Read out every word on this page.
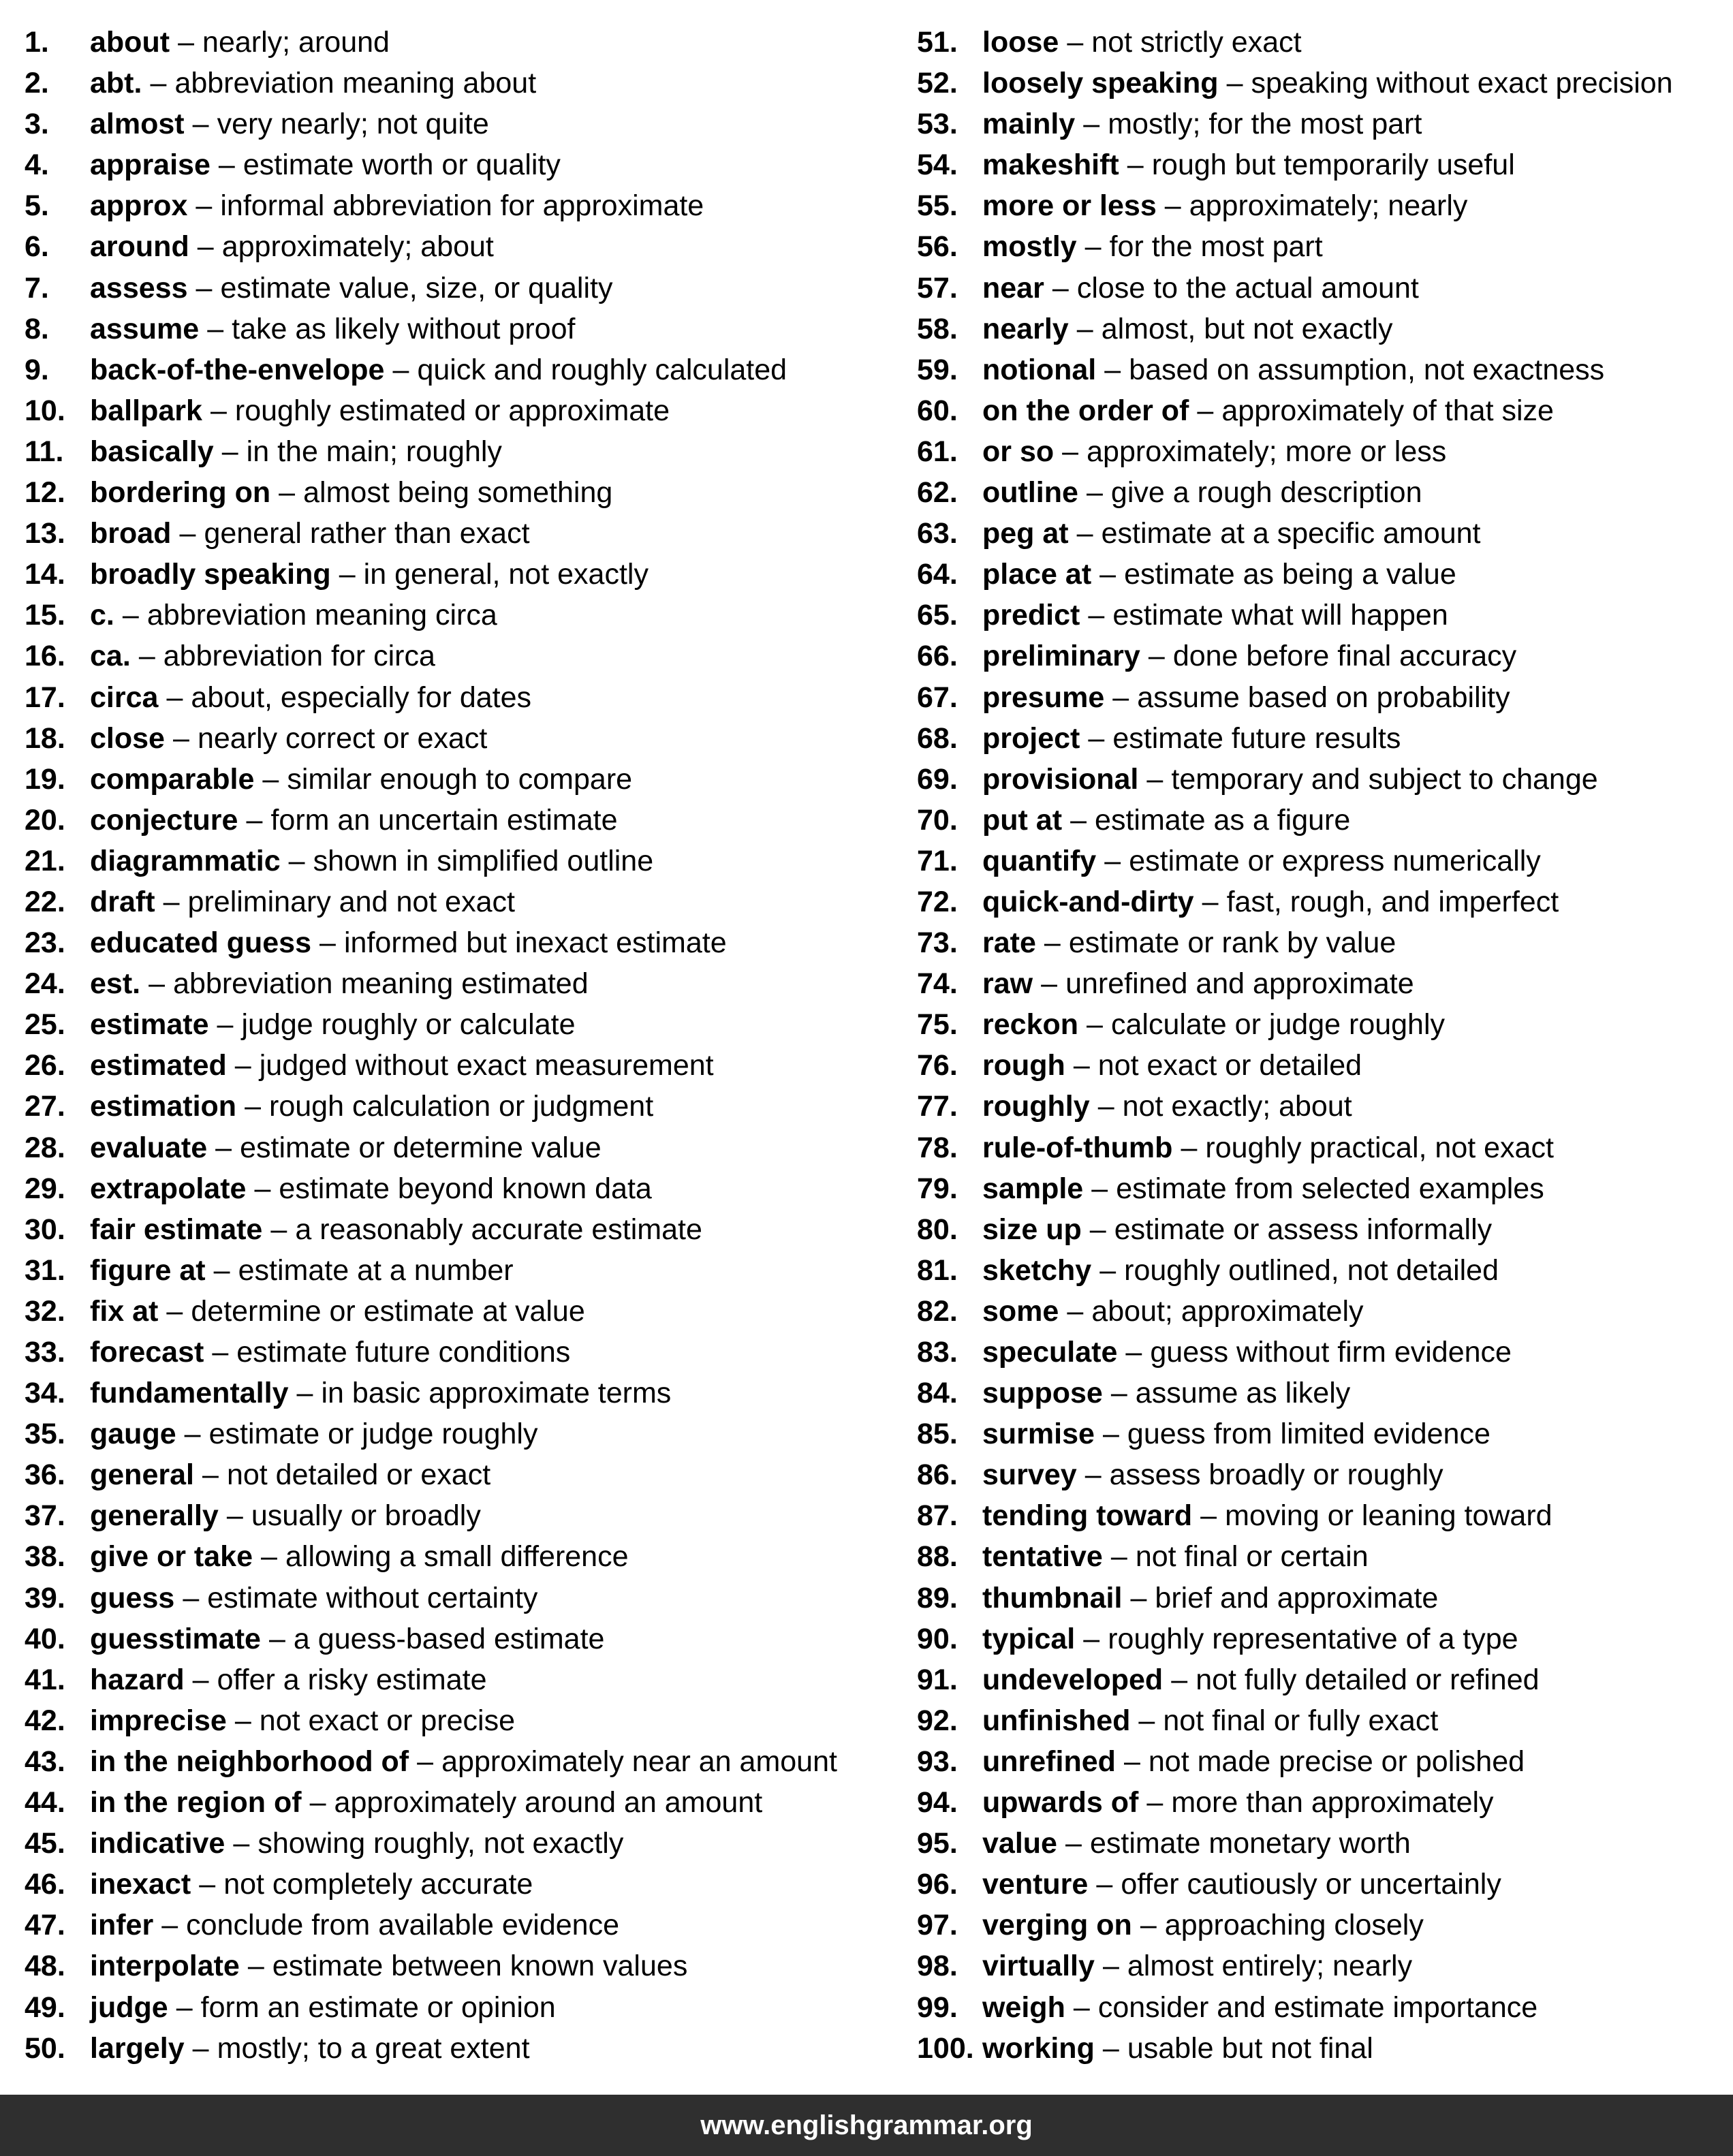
1.	about – nearly; around
2.	abt. – abbreviation meaning about
3.	almost – very nearly; not quite
4.	appraise – estimate worth or quality
5.	approx – informal abbreviation for approximate
6.	around – approximately; about
7.	assess – estimate value, size, or quality
8.	assume – take as likely without proof
9.	back-of-the-envelope – quick and roughly calculated
10. ballpark – roughly estimated or approximate
11. basically – in the main; roughly
12. bordering on – almost being something
13. broad – general rather than exact
14. broadly speaking – in general, not exactly
15. c. – abbreviation meaning circa
16. ca. – abbreviation for circa
17. circa – about, especially for dates
18. close – nearly correct or exact
19. comparable – similar enough to compare
20. conjecture – form an uncertain estimate
21. diagrammatic – shown in simplified outline
22. draft – preliminary and not exact
23. educated guess – informed but inexact estimate
24. est. – abbreviation meaning estimated
25. estimate – judge roughly or calculate
26. estimated – judged without exact measurement
27. estimation – rough calculation or judgment
28. evaluate – estimate or determine value
29. extrapolate – estimate beyond known data
30. fair estimate – a reasonably accurate estimate
31. figure at – estimate at a number
32. fix at – determine or estimate at value
33. forecast – estimate future conditions
34. fundamentally – in basic approximate terms
35. gauge – estimate or judge roughly
36. general – not detailed or exact
37. generally – usually or broadly
38. give or take – allowing a small difference
39. guess – estimate without certainty
40. guesstimate – a guess-based estimate
41. hazard – offer a risky estimate
42. imprecise – not exact or precise
43. in the neighborhood of – approximately near an amount
44. in the region of – approximately around an amount
45. indicative – showing roughly, not exactly
46. inexact – not completely accurate
47. infer – conclude from available evidence
48. interpolate – estimate between known values
49. judge – form an estimate or opinion
50. largely – mostly; to a great extent
51. loose – not strictly exact
52. loosely speaking – speaking without exact precision
53. mainly – mostly; for the most part
54. makeshift – rough but temporarily useful
55. more or less – approximately; nearly
56. mostly – for the most part
57. near – close to the actual amount
58. nearly – almost, but not exactly
59. notional – based on assumption, not exactness
60. on the order of – approximately of that size
61. or so – approximately; more or less
62. outline – give a rough description
63. peg at – estimate at a specific amount
64. place at – estimate as being a value
65. predict – estimate what will happen
66. preliminary – done before final accuracy
67. presume – assume based on probability
68. project – estimate future results
69. provisional – temporary and subject to change
70. put at – estimate as a figure
71. quantify – estimate or express numerically
72. quick-and-dirty – fast, rough, and imperfect
73. rate – estimate or rank by value
74. raw – unrefined and approximate
75. reckon – calculate or judge roughly
76. rough – not exact or detailed
77. roughly – not exactly; about
78. rule-of-thumb – roughly practical, not exact
79. sample – estimate from selected examples
80. size up – estimate or assess informally
81. sketchy – roughly outlined, not detailed
82. some – about; approximately
83. speculate – guess without firm evidence
84. suppose – assume as likely
85. surmise – guess from limited evidence
86. survey – assess broadly or roughly
87. tending toward – moving or leaning toward
88. tentative – not final or certain
89. thumbnail – brief and approximate
90. typical – roughly representative of a type
91. undeveloped – not fully detailed or refined
92. unfinished – not final or fully exact
93. unrefined – not made precise or polished
94. upwards of – more than approximately
95. value – estimate monetary worth
96. venture – offer cautiously or uncertainly
97. verging on – approaching closely
98. virtually – almost entirely; nearly
99. weigh – consider and estimate importance
100. working – usable but not final
www.englishgrammar.org
